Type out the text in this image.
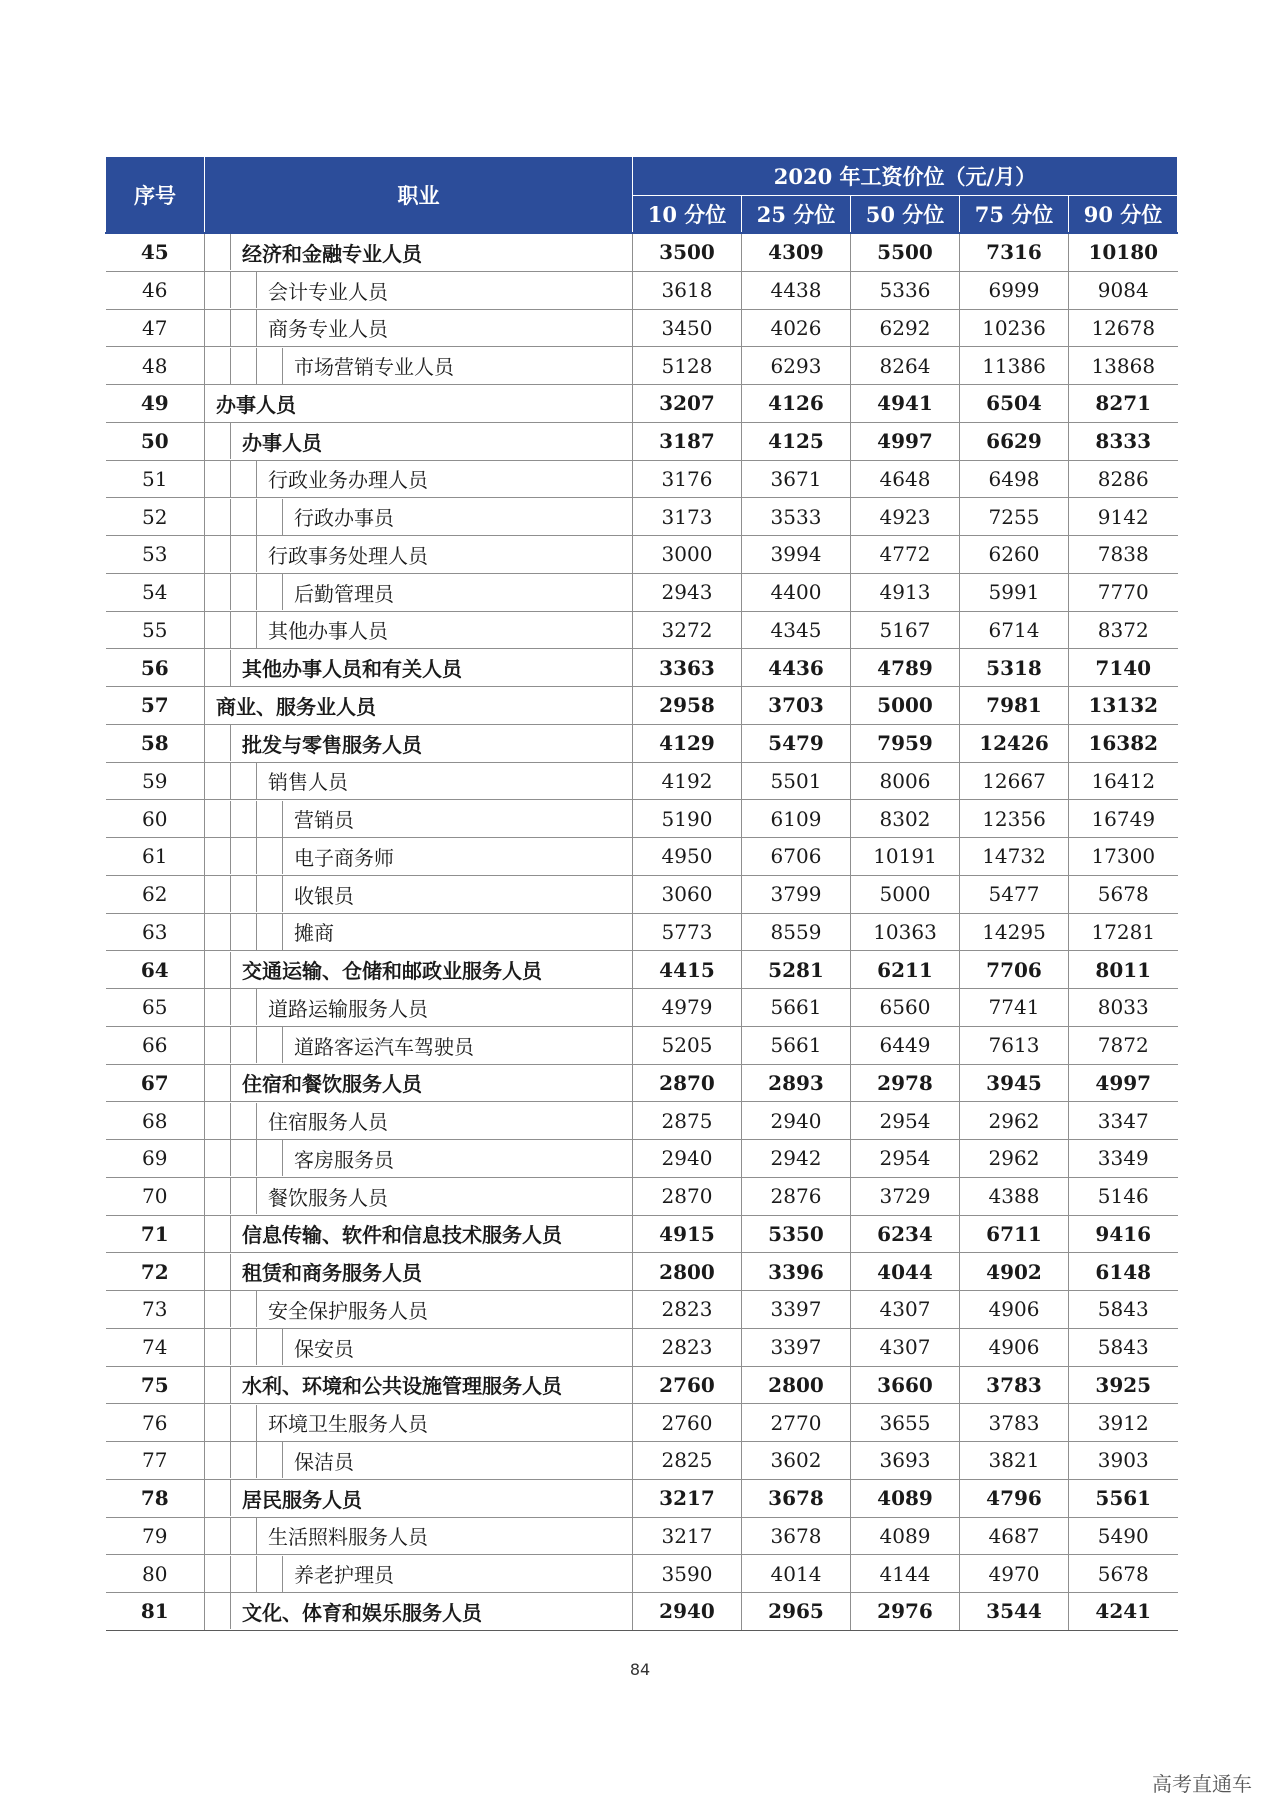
序号	职业	2020 年工资价位（元/月）				
		10 分位	25 分位	50 分位	75 分位	90 分位
45	经济和金融专业人员	3500	4309	5500	7316	10180
46	会计专业人员	3618	4438	5336	6999	9084
47	商务专业人员	3450	4026	6292	10236	12678
48	市场营销专业人员	5128	6293	8264	11386	13868
49	办事人员	3207	4126	4941	6504	8271
50	办事人员	3187	4125	4997	6629	8333
51	行政业务办理人员	3176	3671	4648	6498	8286
52	行政办事员	3173	3533	4923	7255	9142
53	行政事务处理人员	3000	3994	4772	6260	7838
54	后勤管理员	2943	4400	4913	5991	7770
55	其他办事人员	3272	4345	5167	6714	8372
56	其他办事人员和有关人员	3363	4436	4789	5318	7140
57	商业、服务业人员	2958	3703	5000	7981	13132
58	批发与零售服务人员	4129	5479	7959	12426	16382
59	销售人员	4192	5501	8006	12667	16412
60	营销员	5190	6109	8302	12356	16749
61	电子商务师	4950	6706	10191	14732	17300
62	收银员	3060	3799	5000	5477	5678
63	摊商	5773	8559	10363	14295	17281
64	交通运输、仓储和邮政业服务人员	4415	5281	6211	7706	8011
65	道路运输服务人员	4979	5661	6560	7741	8033
66	道路客运汽车驾驶员	5205	5661	6449	7613	7872
67	住宿和餐饮服务人员	2870	2893	2978	3945	4997
68	住宿服务人员	2875	2940	2954	2962	3347
69	客房服务员	2940	2942	2954	2962	3349
70	餐饮服务人员	2870	2876	3729	4388	5146
71	信息传输、软件和信息技术服务人员	4915	5350	6234	6711	9416
72	租赁和商务服务人员	2800	3396	4044	4902	6148
73	安全保护服务人员	2823	3397	4307	4906	5843
74	保安员	2823	3397	4307	4906	5843
75	水利、环境和公共设施管理服务人员	2760	2800	3660	3783	3925
76	环境卫生服务人员	2760	2770	3655	3783	3912
77	保洁员	2825	3602	3693	3821	3903
78	居民服务人员	3217	3678	4089	4796	5561
79	生活照料服务人员	3217	3678	4089	4687	5490
80	养老护理员	3590	4014	4144	4970	5678
81	文化、体育和娱乐服务人员	2940	2965	2976	3544	4241
84
高考直通车
